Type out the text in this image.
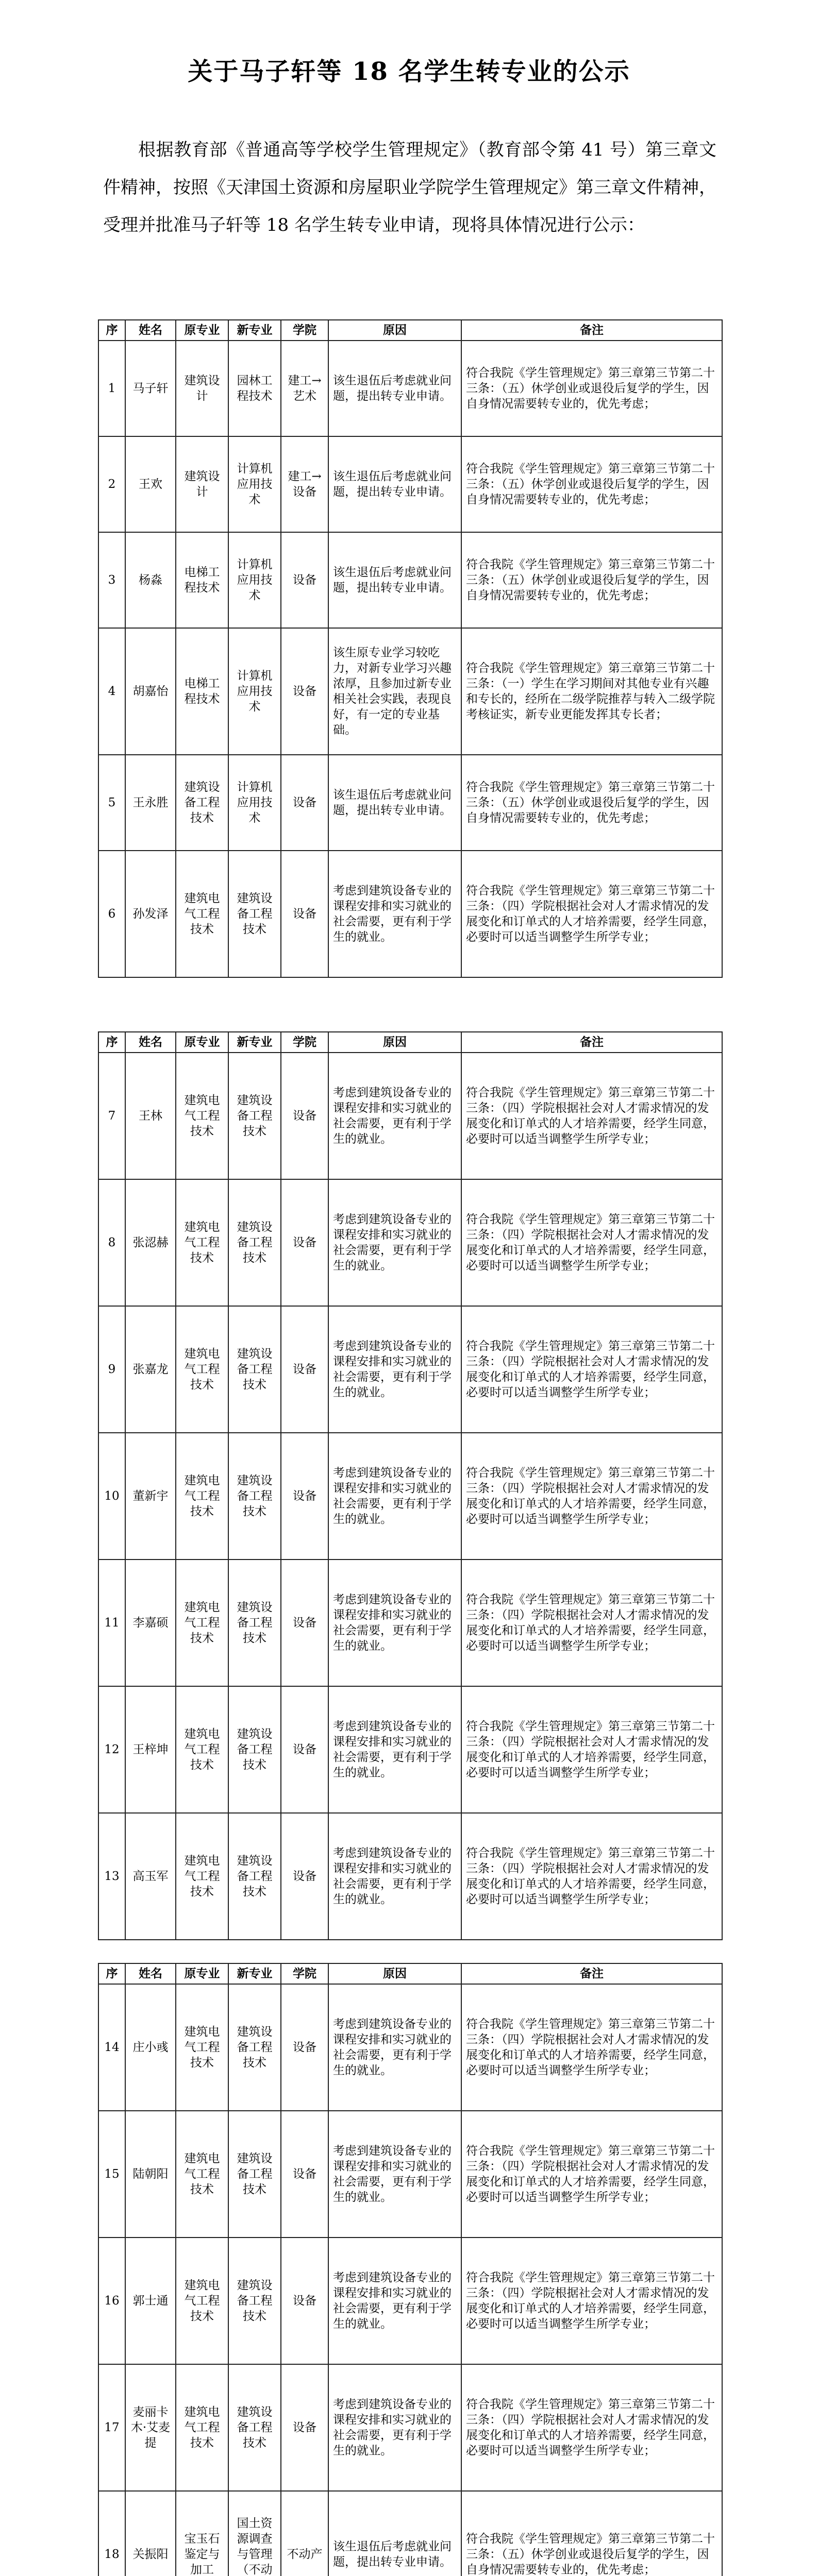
关于马子轩等 18 名学生转专业的公示
根据教育部《普通高等学校学生管理规定》（教育部令第 41 号）第三章文件精神，按照《天津国土资源和房屋职业学院学生管理规定》第三章文件精神，受理并批准马子轩等 18 名学生转专业申请，现将具体情况进行公示：
序	姓名	原专业	新专业	学院	原因	备注
1	马子轩	建筑设计	园林工程技术	建工→艺术	该生退伍后考虑就业问题，提出转专业申请。	符合我院《学生管理规定》第三章第三节第二十三条：（五）休学创业或退役后复学的学生，因自身情况需要转专业的，优先考虑；
2	王欢	建筑设计	计算机应用技术	建工→设备	该生退伍后考虑就业问题，提出转专业申请。	符合我院《学生管理规定》第三章第三节第二十三条：（五）休学创业或退役后复学的学生，因自身情况需要转专业的，优先考虑；
3	杨淼	电梯工程技术	计算机应用技术	设备	该生退伍后考虑就业问题，提出转专业申请。	符合我院《学生管理规定》第三章第三节第二十三条：（五）休学创业或退役后复学的学生，因自身情况需要转专业的，优先考虑；
4	胡嘉怡	电梯工程技术	计算机应用技术	设备	该生原专业学习较吃力，对新专业学习兴趣浓厚，且参加过新专业相关社会实践，表现良好，有一定的专业基础。	符合我院《学生管理规定》第三章第三节第二十三条：（一）学生在学习期间对其他专业有兴趣和专长的，经所在二级学院推荐与转入二级学院考核证实，新专业更能发挥其专长者；
5	王永胜	建筑设备工程技术	计算机应用技术	设备	该生退伍后考虑就业问题，提出转专业申请。	符合我院《学生管理规定》第三章第三节第二十三条：（五）休学创业或退役后复学的学生，因自身情况需要转专业的，优先考虑；
6	孙发泽	建筑电气工程技术	建筑设备工程技术	设备	考虑到建筑设备专业的课程安排和实习就业的社会需要，更有利于学生的就业。	符合我院《学生管理规定》第三章第三节第二十三条：（四）学院根据社会对人才需求情况的发展变化和订单式的人才培养需要，经学生同意，必要时可以适当调整学生所学专业；
序	姓名	原专业	新专业	学院	原因	备注
7	王林	建筑电气工程技术	建筑设备工程技术	设备	考虑到建筑设备专业的课程安排和实习就业的社会需要，更有利于学生的就业。	符合我院《学生管理规定》第三章第三节第二十三条：（四）学院根据社会对人才需求情况的发展变化和订单式的人才培养需要，经学生同意，必要时可以适当调整学生所学专业；
8	张涊赫	建筑电气工程技术	建筑设备工程技术	设备	考虑到建筑设备专业的课程安排和实习就业的社会需要，更有利于学生的就业。	符合我院《学生管理规定》第三章第三节第二十三条：（四）学院根据社会对人才需求情况的发展变化和订单式的人才培养需要，经学生同意，必要时可以适当调整学生所学专业；
9	张嘉龙	建筑电气工程技术	建筑设备工程技术	设备	考虑到建筑设备专业的课程安排和实习就业的社会需要，更有利于学生的就业。	符合我院《学生管理规定》第三章第三节第二十三条：（四）学院根据社会对人才需求情况的发展变化和订单式的人才培养需要，经学生同意，必要时可以适当调整学生所学专业；
10	董新宇	建筑电气工程技术	建筑设备工程技术	设备	考虑到建筑设备专业的课程安排和实习就业的社会需要，更有利于学生的就业。	符合我院《学生管理规定》第三章第三节第二十三条：（四）学院根据社会对人才需求情况的发展变化和订单式的人才培养需要，经学生同意，必要时可以适当调整学生所学专业；
11	李嘉硕	建筑电气工程技术	建筑设备工程技术	设备	考虑到建筑设备专业的课程安排和实习就业的社会需要，更有利于学生的就业。	符合我院《学生管理规定》第三章第三节第二十三条：（四）学院根据社会对人才需求情况的发展变化和订单式的人才培养需要，经学生同意，必要时可以适当调整学生所学专业；
12	王梓坤	建筑电气工程技术	建筑设备工程技术	设备	考虑到建筑设备专业的课程安排和实习就业的社会需要，更有利于学生的就业。	符合我院《学生管理规定》第三章第三节第二十三条：（四）学院根据社会对人才需求情况的发展变化和订单式的人才培养需要，经学生同意，必要时可以适当调整学生所学专业；
13	高玉军	建筑电气工程技术	建筑设备工程技术	设备	考虑到建筑设备专业的课程安排和实习就业的社会需要，更有利于学生的就业。	符合我院《学生管理规定》第三章第三节第二十三条：（四）学院根据社会对人才需求情况的发展变化和订单式的人才培养需要，经学生同意，必要时可以适当调整学生所学专业；
序	姓名	原专业	新专业	学院	原因	备注
14	庄小彧	建筑电气工程技术	建筑设备工程技术	设备	考虑到建筑设备专业的课程安排和实习就业的社会需要，更有利于学生的就业。	符合我院《学生管理规定》第三章第三节第二十三条：（四）学院根据社会对人才需求情况的发展变化和订单式的人才培养需要，经学生同意，必要时可以适当调整学生所学专业；
15	陆朝阳	建筑电气工程技术	建筑设备工程技术	设备	考虑到建筑设备专业的课程安排和实习就业的社会需要，更有利于学生的就业。	符合我院《学生管理规定》第三章第三节第二十三条：（四）学院根据社会对人才需求情况的发展变化和订单式的人才培养需要，经学生同意，必要时可以适当调整学生所学专业；
16	郭士通	建筑电气工程技术	建筑设备工程技术	设备	考虑到建筑设备专业的课程安排和实习就业的社会需要，更有利于学生的就业。	符合我院《学生管理规定》第三章第三节第二十三条：（四）学院根据社会对人才需求情况的发展变化和订单式的人才培养需要，经学生同意，必要时可以适当调整学生所学专业；
17	麦丽卡木·艾麦提	建筑电气工程技术	建筑设备工程技术	设备	考虑到建筑设备专业的课程安排和实习就业的社会需要，更有利于学生的就业。	符合我院《学生管理规定》第三章第三节第二十三条：（四）学院根据社会对人才需求情况的发展变化和订单式的人才培养需要，经学生同意，必要时可以适当调整学生所学专业；
18	关振阳	宝玉石鉴定与加工	国土资源调查与管理（不动	不动产	该生退伍后考虑就业问题，提出转专业申请。	符合我院《学生管理规定》第三章第三节第二十三条：（五）休学创业或退役后复学的学生，因自身情况需要转专业的，优先考虑；
